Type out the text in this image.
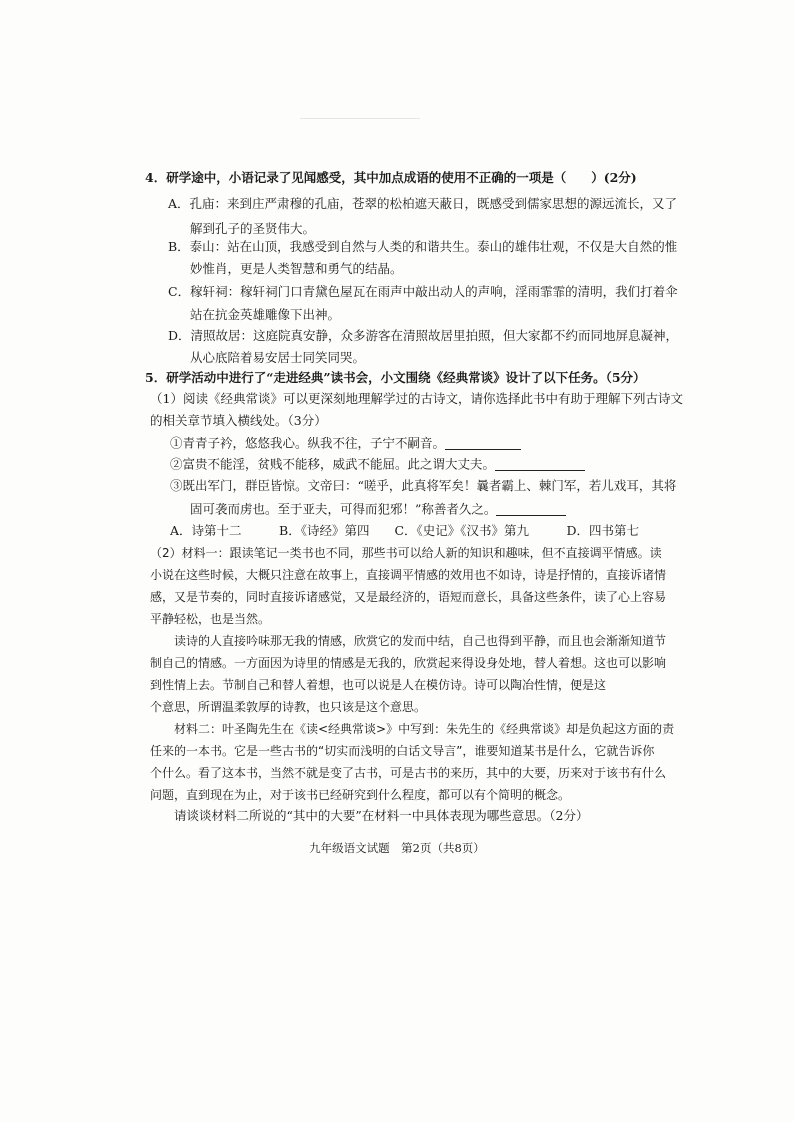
4．研学途中，小语记录了见闻感受，其中加点成语的使用不正确的一项是（　　）(2分)
A．孔庙：来到庄严肃穆的孔庙，苍翠的松柏遮天蔽日，既感受到儒家思想的源远流长，又了
解到孔子的圣贤伟大。
B．泰山：站在山顶，我感受到自然与人类的和谐共生。泰山的雄伟壮观，不仅是大自然的惟
妙惟肖，更是人类智慧和勇气的结晶。
C．稼轩祠：稼轩祠门口青黛色屋瓦在雨声中敲出动人的声响，淫雨霏霏的清明，我们打着伞
站在抗金英雄雕像下出神。
D．清照故居：这庭院真安静，众多游客在清照故居里拍照，但大家都不约而同地屏息凝神，
从心底陪着易安居士同笑同哭。
5．研学活动中进行了“走进经典”读书会，小文围绕《经典常谈》设计了以下任务。（5分）
（1）阅读《经典常谈》可以更深刻地理解学过的古诗文，请你选择此书中有助于理解下列古诗文
的相关章节填入横线处。（3分）
①青青子衿，悠悠我心。纵我不往，子宁不嗣音。
②富贵不能淫，贫贱不能移，威武不能屈。此之谓大丈夫。
③既出军门，群臣皆惊。文帝曰：“嗟乎，此真将军矣！曩者霸上、棘门军，若儿戏耳，其将
固可袭而虏也。至于亚夫，可得而犯邪！”称善者久之。
A．诗第十二　　　B．《诗经》第四　　C．《史记》《汉书》第九　　　D．四书第七
（2）材料一：跟读笔记一类书也不同，那些书可以给人新的知识和趣味，但不直接调平情感。读
小说在这些时候，大概只注意在故事上，直接调平情感的效用也不如诗，诗是抒情的，直接诉诸情
感，又是节奏的，同时直接诉诸感觉，又是最经济的，语短而意长，具备这些条件，读了心上容易
平静轻松，也是当然。
读诗的人直接吟味那无我的情感，欣赏它的发而中结，自己也得到平静，而且也会渐渐知道节
制自己的情感。一方面因为诗里的情感是无我的，欣赏起来得设身处地，替人着想。这也可以影响
到性情上去。节制自己和替人着想，也可以说是人在模仿诗。诗可以陶冶性情，便是这
个意思，所谓温柔敦厚的诗教，也只该是这个意思。
材料二：叶圣陶先生在《读<经典常谈>》中写到：朱先生的《经典常谈》却是负起这方面的责
任来的一本书。它是一些古书的“切实而浅明的白话文导言”，谁要知道某书是什么，它就告诉你
个什么。看了这本书，当然不就是变了古书，可是古书的来历，其中的大要，历来对于该书有什么
问题，直到现在为止，对于该书已经研究到什么程度，都可以有个简明的概念。
请谈谈材料二所说的“其中的大要”在材料一中具体表现为哪些意思。（2分）
九年级语文试题　第2页（共8页）
